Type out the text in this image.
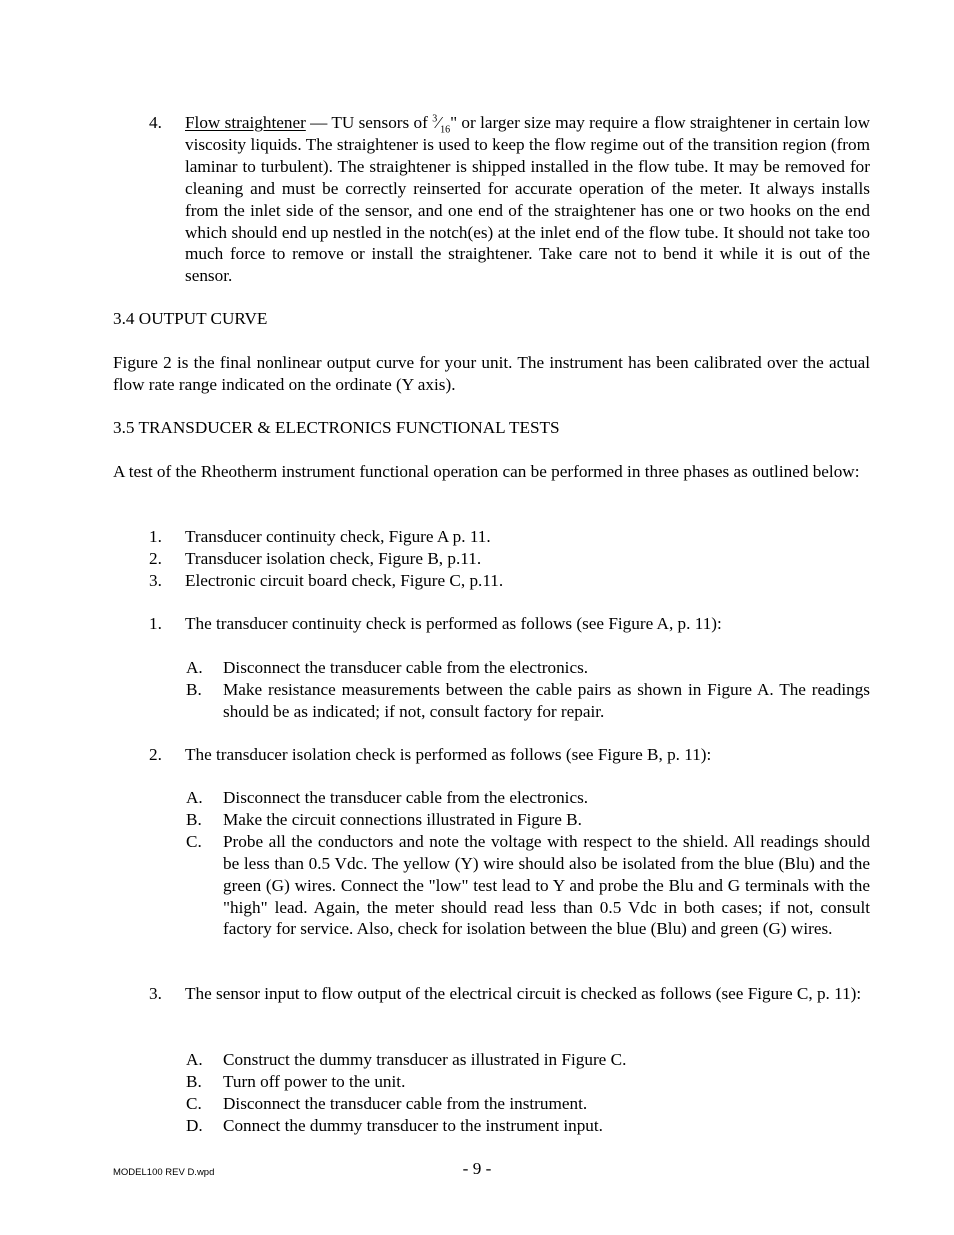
4.	Flow straightener — TU sensors of $^3⁄_{16}$" or larger size may require a flow straightener in certain low viscosity liquids. The straightener is used to keep the flow regime out of the transition region (from laminar to turbulent). The straightener is shipped installed in the flow tube. It may be removed for cleaning and must be correctly reinserted for accurate operation of the meter. It always installs from the inlet side of the sensor, and one end of the straightener has one or two hooks on the end which should end up nestled in the notch(es) at the inlet end of the flow tube. It should not take too much force to remove or install the straightener. Take care not to bend it while it is out of the sensor.
3.4 OUTPUT CURVE
Figure 2 is the final nonlinear output curve for your unit. The instrument has been calibrated over the actual flow rate range indicated on the ordinate (Y axis).
3.5 TRANSDUCER & ELECTRONICS FUNCTIONAL TESTS
A test of the Rheotherm instrument functional operation can be performed in three phases as outlined below:
1.	Transducer continuity check, Figure A p. 11.
2.	Transducer isolation check, Figure B, p.11.
3.	Electronic circuit board check, Figure C, p.11.
1.	The transducer continuity check is performed as follows (see Figure A, p. 11):
A.	Disconnect the transducer cable from the electronics.
B.	Make resistance measurements between the cable pairs as shown in Figure A. The readings should be as indicated; if not, consult factory for repair.
2.	The transducer isolation check is performed as follows (see Figure B, p. 11):
A.	Disconnect the transducer cable from the electronics.
B.	Make the circuit connections illustrated in Figure B.
C.	Probe all the conductors and note the voltage with respect to the shield. All readings should be less than 0.5 Vdc. The yellow (Y) wire should also be isolated from the blue (Blu) and the green (G) wires. Connect the "low" test lead to Y and probe the Blu and G terminals with the "high" lead. Again, the meter should read less than 0.5 Vdc in both cases; if not, consult factory for service. Also, check for isolation between the blue (Blu) and green (G) wires.
3.	The sensor input to flow output of the electrical circuit is checked as follows (see Figure C, p. 11):
A.	Construct the dummy transducer as illustrated in Figure C.
B.	Turn off power to the unit.
C.	Disconnect the transducer cable from the instrument.
D.	Connect the dummy transducer to the instrument input.
MODEL100 REV D.wpd	- 9 -
